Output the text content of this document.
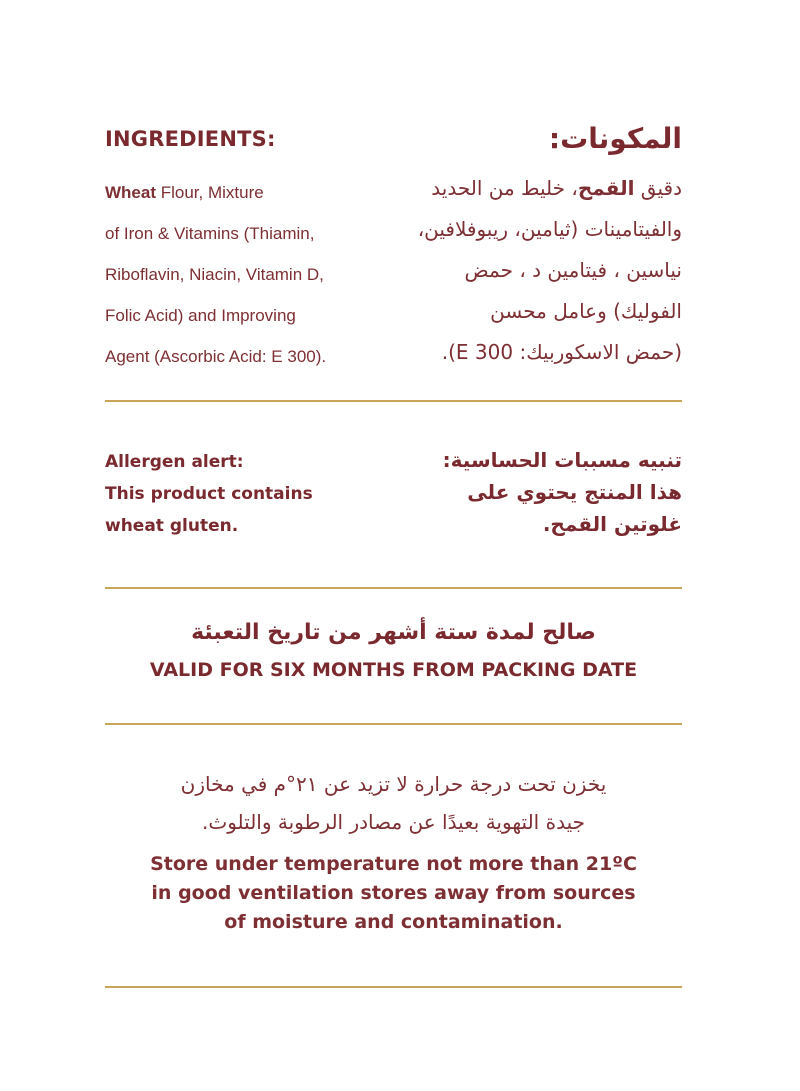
INGREDIENTS:

Wheat Flour, Mixture

of Iron & Vitamins (Thiamin,

Riboflavin, Niacin, Vitamin D,

Folic Acid) and Improving

Agent (Ascorbic Acid: E 300).

المكونات:

دقيق القمح، خليط من الحديد

والفيتامينات (ثيامين، ريبوفلافين،

نياسين ، فيتامين د ، حمض

الفوليك) وعامل محسن

(حمض الاسكوربيك: E 300).

Allergen alert:

This product contains

wheat gluten.

تنبيه مسببات الحساسية:

هذا المنتج يحتوي على

غلوتين القمح.

صالح لمدة ستة أشهر من تاريخ التعبئة
VALID FOR SIX MONTHS FROM PACKING DATE

يخزن تحت درجة حرارة لا تزيد عن ٢١°م في مخازن

جيدة التهوية بعيدًا عن مصادر الرطوبة والتلوث.

Store under temperature not more than 21ºC

in good ventilation stores away from sources

of moisture and contamination.
